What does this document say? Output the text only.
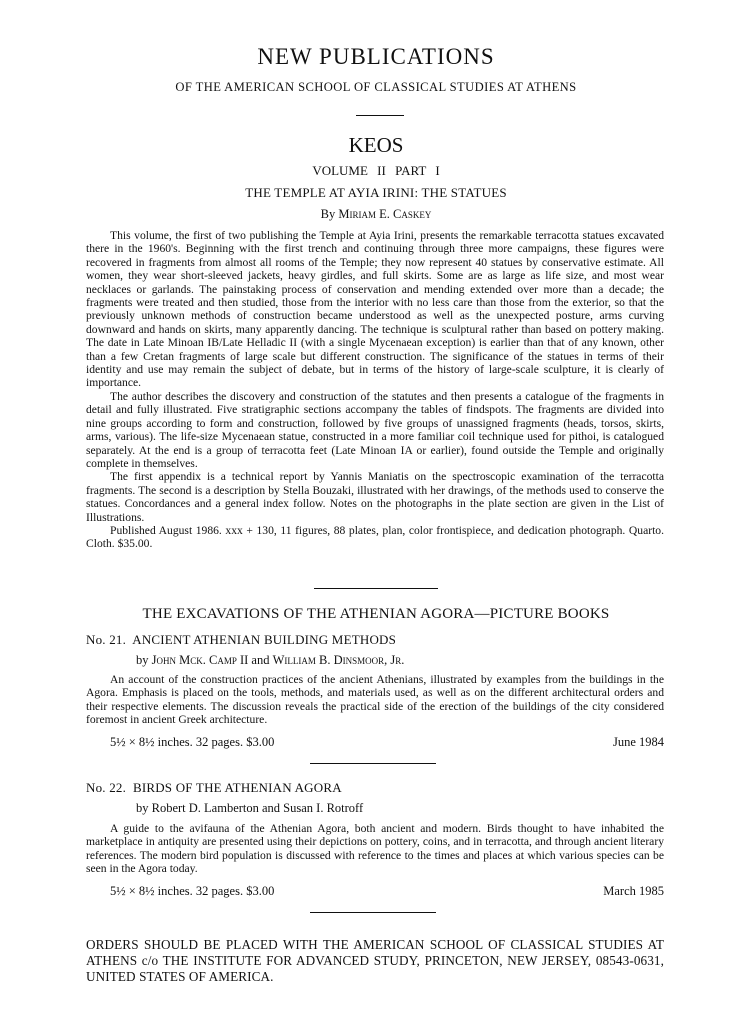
NEW PUBLICATIONS
OF THE AMERICAN SCHOOL OF CLASSICAL STUDIES AT ATHENS
KEOS
VOLUME II PART I
THE TEMPLE AT AYIA IRINI: THE STATUES
By Miriam E. Caskey

This volume, the first of two publishing the Temple at Ayia Irini, presents the remarkable terracotta statues excavated there in the 1960's. Beginning with the first trench and continuing through three more campaigns, these figures were recovered in fragments from almost all rooms of the Temple; they now represent 40 statues by conservative estimate. All women, they wear short-sleeved jackets, heavy girdles, and full skirts. Some are as large as life size, and most wear necklaces or garlands. The painstaking process of conservation and mending extended over more than a decade; the fragments were treated and then studied, those from the interior with no less care than those from the exterior, so that the previously unknown methods of construction became understood as well as the unexpected posture, arms curving downward and hands on skirts, many apparently dancing. The technique is sculptural rather than based on pottery making. The date in Late Minoan IB/Late Helladic II (with a single Mycenaean exception) is earlier than that of any known, other than a few Cretan fragments of large scale but different construction. The significance of the statues in terms of their identity and use may remain the subject of debate, but in terms of the history of large-scale sculpture, it is clearly of importance.

The author describes the discovery and construction of the statutes and then presents a catalogue of the fragments in detail and fully illustrated. Five stratigraphic sections accompany the tables of findspots. The fragments are divided into nine groups according to form and construction, followed by five groups of unassigned fragments (heads, torsos, skirts, arms, various). The life-size Mycenaean statue, constructed in a more familiar coil technique used for pithoi, is catalogued separately. At the end is a group of terracotta feet (Late Minoan IA or earlier), found outside the Temple and originally complete in themselves.

The first appendix is a technical report by Yannis Maniatis on the spectroscopic examination of the terracotta fragments. The second is a description by Stella Bouzaki, illustrated with her drawings, of the methods used to conserve the statues. Concordances and a general index follow. Notes on the photographs in the plate section are given in the List of Illustrations.

Published August 1986. xxx + 130, 11 figures, 88 plates, plan, color frontispiece, and dedication photograph. Quarto. Cloth. $35.00.

THE EXCAVATIONS OF THE ATHENIAN AGORA—PICTURE BOOKS
No. 21. ANCIENT ATHENIAN BUILDING METHODS
by John Mck. Camp II and William B. Dinsmoor, Jr.

An account of the construction practices of the ancient Athenians, illustrated by examples from the buildings in the Agora. Emphasis is placed on the tools, methods, and materials used, as well as on the different architectural orders and their respective elements. The discussion reveals the practical side of the erection of the buildings of the city considered foremost in ancient Greek architecture.

5½ × 8½ inches. 32 pages. $3.00	June 1984
No. 22. BIRDS OF THE ATHENIAN AGORA
by Robert D. Lamberton and Susan I. Rotroff

A guide to the avifauna of the Athenian Agora, both ancient and modern. Birds thought to have inhabited the marketplace in antiquity are presented using their depictions on pottery, coins, and in terracotta, and through ancient literary references. The modern bird population is discussed with reference to the times and places at which various species can be seen in the Agora today.

5½ × 8½ inches. 32 pages. $3.00	March 1985
ORDERS SHOULD BE PLACED WITH THE AMERICAN SCHOOL OF CLASSICAL STUDIES AT ATHENS c/o THE INSTITUTE FOR ADVANCED STUDY, PRINCETON, NEW JERSEY, 08543-0631, UNITED STATES OF AMERICA.
